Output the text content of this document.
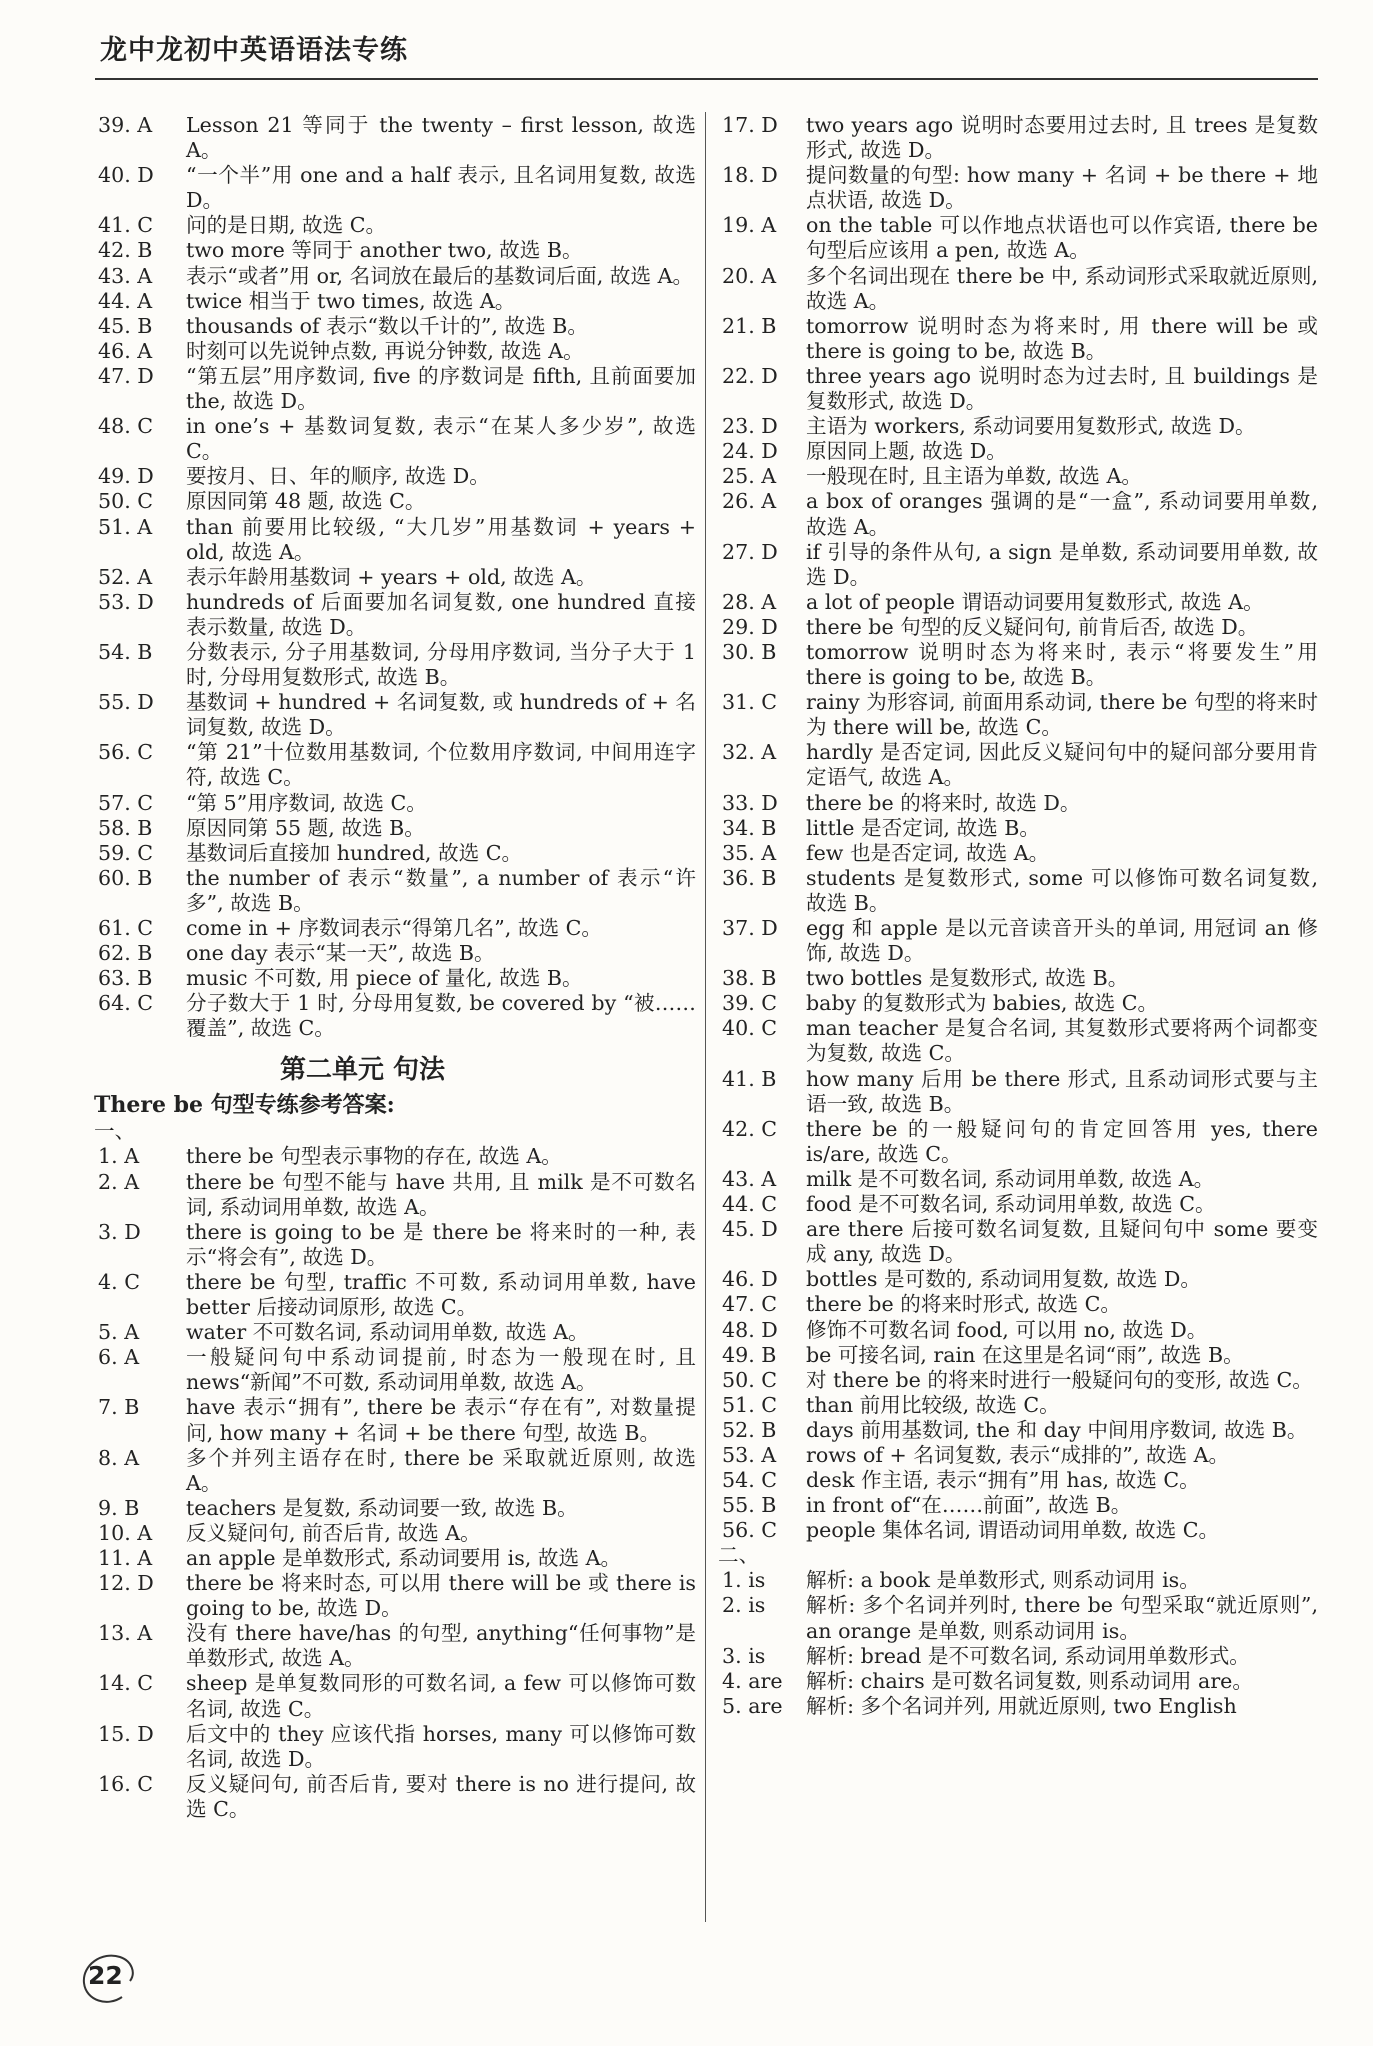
龙中龙初中英语语法专练
39. A	Lesson 21 等同于 the twenty – first lesson, 故选 A。
40. D	“一个半”用 one and a half 表示, 且名词用复数, 故选 D。
41. C	问的是日期, 故选 C。
42. B	two more 等同于 another two, 故选 B。
43. A	表示“或者”用 or, 名词放在最后的基数词后面, 故选 A。
44. A	twice 相当于 two times, 故选 A。
45. B	thousands of 表示“数以千计的”, 故选 B。
46. A	时刻可以先说钟点数, 再说分钟数, 故选 A。
47. D	“第五层”用序数词, five 的序数词是 fifth, 且前面要加 the, 故选 D。
48. C	in one’s + 基数词复数, 表示“在某人多少岁”, 故选 C。
49. D	要按月、日、年的顺序, 故选 D。
50. C	原因同第 48 题, 故选 C。
51. A	than 前要用比较级, “大几岁”用基数词 + years + old, 故选 A。
52. A	表示年龄用基数词 + years + old, 故选 A。
53. D	hundreds of 后面要加名词复数, one hundred 直接表示数量, 故选 D。
54. B	分数表示, 分子用基数词, 分母用序数词, 当分子大于 1 时, 分母用复数形式, 故选 B。
55. D	基数词 + hundred + 名词复数, 或 hundreds of + 名词复数, 故选 D。
56. C	“第 21”十位数用基数词, 个位数用序数词, 中间用连字符, 故选 C。
57. C	“第 5”用序数词, 故选 C。
58. B	原因同第 55 题, 故选 B。
59. C	基数词后直接加 hundred, 故选 C。
60. B	the number of 表示“数量”, a number of 表示“许多”, 故选 B。
61. C	come in + 序数词表示“得第几名”, 故选 C。
62. B	one day 表示“某一天”, 故选 B。
63. B	music 不可数, 用 piece of 量化, 故选 B。
64. C	分子数大于 1 时, 分母用复数, be covered by “被……覆盖”, 故选 C。
第二单元 句法
There be 句型专练参考答案:
一、
1. A	there be 句型表示事物的存在, 故选 A。
2. A	there be 句型不能与 have 共用, 且 milk 是不可数名词, 系动词用单数, 故选 A。
3. D	there is going to be 是 there be 将来时的一种, 表示“将会有”, 故选 D。
4. C	there be 句型, traffic 不可数, 系动词用单数, have better 后接动词原形, 故选 C。
5. A	water 不可数名词, 系动词用单数, 故选 A。
6. A	一般疑问句中系动词提前, 时态为一般现在时, 且 news“新闻”不可数, 系动词用单数, 故选 A。
7. B	have 表示“拥有”, there be 表示“存在有”, 对数量提问, how many + 名词 + be there 句型, 故选 B。
8. A	多个并列主语存在时, there be 采取就近原则, 故选 A。
9. B	teachers 是复数, 系动词要一致, 故选 B。
10. A	反义疑问句, 前否后肯, 故选 A。
11. A	an apple 是单数形式, 系动词要用 is, 故选 A。
12. D	there be 将来时态, 可以用 there will be 或 there is going to be, 故选 D。
13. A	没有 there have/has 的句型, anything“任何事物”是单数形式, 故选 A。
14. C	sheep 是单复数同形的可数名词, a few 可以修饰可数名词, 故选 C。
15. D	后文中的 they 应该代指 horses, many 可以修饰可数名词, 故选 D。
16. C	反义疑问句, 前否后肯, 要对 there is no 进行提问, 故选 C。
17. D	two years ago 说明时态要用过去时, 且 trees 是复数形式, 故选 D。
18. D	提问数量的句型: how many + 名词 + be there + 地点状语, 故选 D。
19. A	on the table 可以作地点状语也可以作宾语, there be 句型后应该用 a pen, 故选 A。
20. A	多个名词出现在 there be 中, 系动词形式采取就近原则, 故选 A。
21. B	tomorrow 说明时态为将来时, 用 there will be 或 there is going to be, 故选 B。
22. D	three years ago 说明时态为过去时, 且 buildings 是复数形式, 故选 D。
23. D	主语为 workers, 系动词要用复数形式, 故选 D。
24. D	原因同上题, 故选 D。
25. A	一般现在时, 且主语为单数, 故选 A。
26. A	a box of oranges 强调的是“一盒”, 系动词要用单数, 故选 A。
27. D	if 引导的条件从句, a sign 是单数, 系动词要用单数, 故选 D。
28. A	a lot of people 谓语动词要用复数形式, 故选 A。
29. D	there be 句型的反义疑问句, 前肯后否, 故选 D。
30. B	tomorrow 说明时态为将来时, 表示“将要发生”用 there is going to be, 故选 B。
31. C	rainy 为形容词, 前面用系动词, there be 句型的将来时为 there will be, 故选 C。
32. A	hardly 是否定词, 因此反义疑问句中的疑问部分要用肯定语气, 故选 A。
33. D	there be 的将来时, 故选 D。
34. B	little 是否定词, 故选 B。
35. A	few 也是否定词, 故选 A。
36. B	students 是复数形式, some 可以修饰可数名词复数, 故选 B。
37. D	egg 和 apple 是以元音读音开头的单词, 用冠词 an 修饰, 故选 D。
38. B	two bottles 是复数形式, 故选 B。
39. C	baby 的复数形式为 babies, 故选 C。
40. C	man teacher 是复合名词, 其复数形式要将两个词都变为复数, 故选 C。
41. B	how many 后用 be there 形式, 且系动词形式要与主语一致, 故选 B。
42. C	there be 的一般疑问句的肯定回答用 yes, there is/are, 故选 C。
43. A	milk 是不可数名词, 系动词用单数, 故选 A。
44. C	food 是不可数名词, 系动词用单数, 故选 C。
45. D	are there 后接可数名词复数, 且疑问句中 some 要变成 any, 故选 D。
46. D	bottles 是可数的, 系动词用复数, 故选 D。
47. C	there be 的将来时形式, 故选 C。
48. D	修饰不可数名词 food, 可以用 no, 故选 D。
49. B	be 可接名词, rain 在这里是名词“雨”, 故选 B。
50. C	对 there be 的将来时进行一般疑问句的变形, 故选 C。
51. C	than 前用比较级, 故选 C。
52. B	days 前用基数词, the 和 day 中间用序数词, 故选 B。
53. A	rows of + 名词复数, 表示“成排的”, 故选 A。
54. C	desk 作主语, 表示“拥有”用 has, 故选 C。
55. B	in front of“在……前面”, 故选 B。
56. C	people 集体名词, 谓语动词用单数, 故选 C。
二、
1. is	解析: a book 是单数形式, 则系动词用 is。
2. is	解析: 多个名词并列时, there be 句型采取“就近原则”, an orange 是单数, 则系动词用 is。
3. is	解析: bread 是不可数名词, 系动词用单数形式。
4. are	解析: chairs 是可数名词复数, 则系动词用 are。
5. are	解析: 多个名词并列, 用就近原则, two English
22
